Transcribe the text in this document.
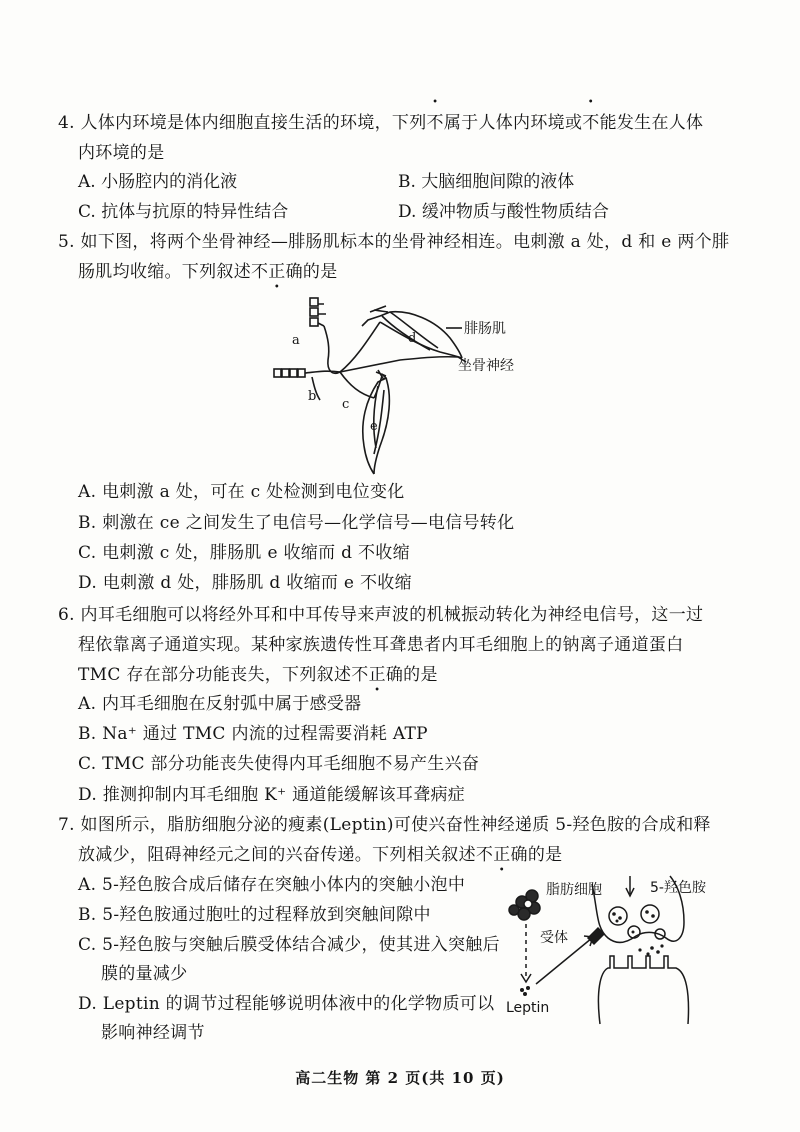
4. 人体内环境是体内细胞直接生活的环境，下列不属于人体内环境或不能发生在人体
内环境的是
A. 小肠腔内的消化液	B. 大脑细胞间隙的液体
C. 抗体与抗原的特异性结合	D. 缓冲物质与酸性物质结合
5. 如下图，将两个坐骨神经—腓肠肌标本的坐骨神经相连。电刺激 a 处，d 和 e 两个腓
肠肌均收缩。下列叙述不正确的是
a
b
c
d
e
腓肠肌
坐骨神经
A. 电刺激 a 处，可在 c 处检测到电位变化
B. 刺激在 ce 之间发生了电信号—化学信号—电信号转化
C. 电刺激 c 处，腓肠肌 e 收缩而 d 不收缩
D. 电刺激 d 处，腓肠肌 d 收缩而 e 不收缩
6. 内耳毛细胞可以将经外耳和中耳传导来声波的机械振动转化为神经电信号，这一过
程依靠离子通道实现。某种家族遗传性耳聋患者内耳毛细胞上的钠离子通道蛋白
TMC 存在部分功能丧失，下列叙述不正确的是
A. 内耳毛细胞在反射弧中属于感受器
B. Na⁺ 通过 TMC 内流的过程需要消耗 ATP
C. TMC 部分功能丧失使得内耳毛细胞不易产生兴奋
D. 推测抑制内耳毛细胞 K⁺ 通道能缓解该耳聋病症
7. 如图所示，脂肪细胞分泌的瘦素(Leptin)可使兴奋性神经递质 5-羟色胺的合成和释
放减少，阻碍神经元之间的兴奋传递。下列相关叙述不正确的是
A. 5-羟色胺合成后储存在突触小体内的突触小泡中
B. 5-羟色胺通过胞吐的过程释放到突触间隙中
C. 5-羟色胺与突触后膜受体结合减少，使其进入突触后
膜的量减少
D. Leptin 的调节过程能够说明体液中的化学物质可以
影响神经调节
脂肪细胞	5-羟色胺
受体
Leptin
高二生物 第 2 页(共 10 页)
